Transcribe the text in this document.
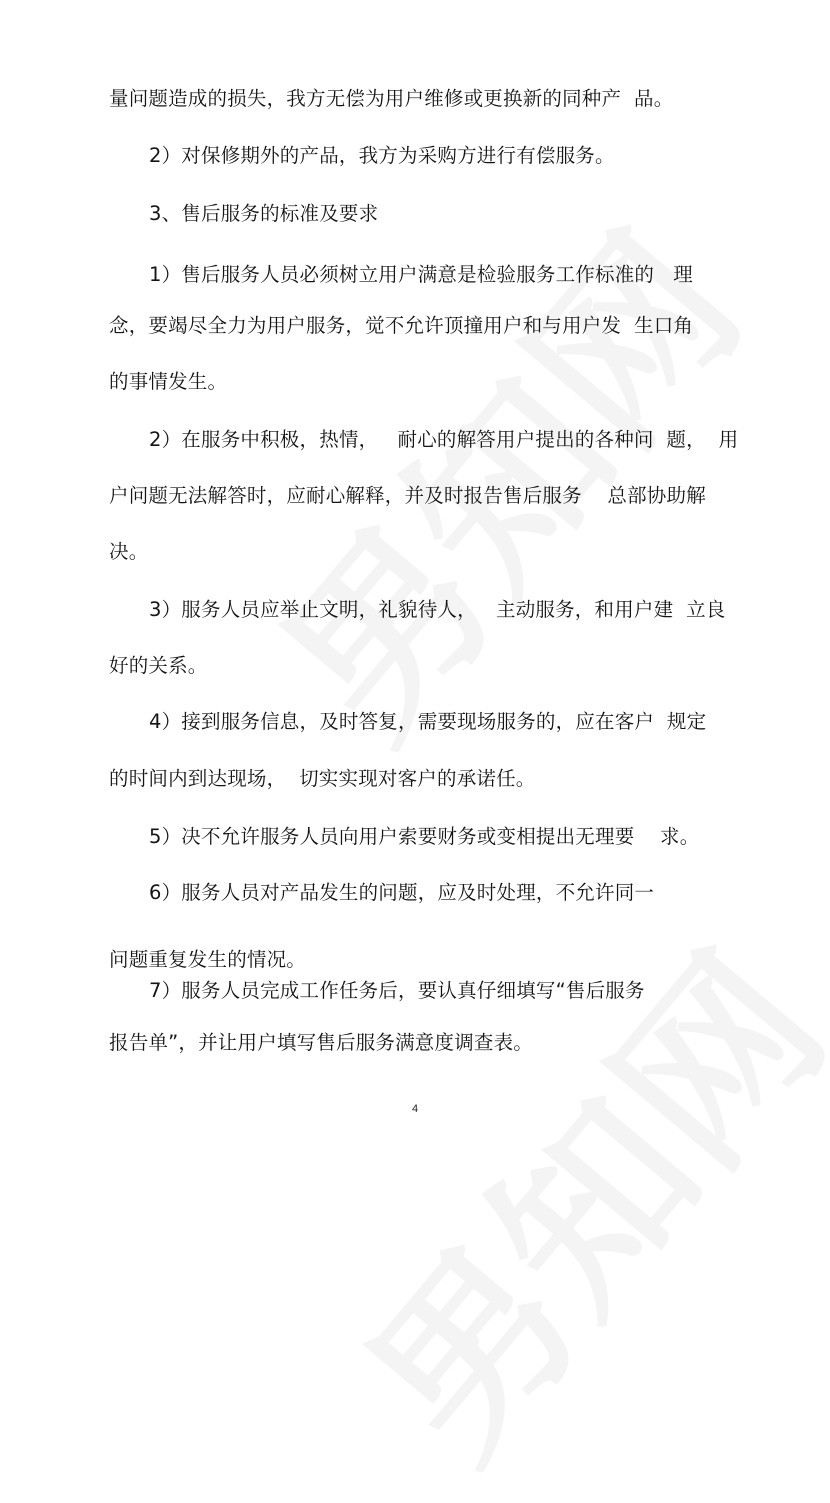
量问题造成的损失，我方无偿为用户维修或更换新的同种产  品。
2）对保修期外的产品，我方为采购方进行有偿服务。
3、售后服务的标准及要求
1）售后服务人员必须树立用户满意是检验服务工作标准的   理
念，要竭尽全力为用户服务，觉不允许顶撞用户和与用户发  生口角
的事情发生。
2）在服务中积极，热情，   耐心的解答用户提出的各种问  题，  用
户问题无法解答时，应耐心解释，并及时报告售后服务    总部协助解
决。
3）服务人员应举止文明，礼貌待人，   主动服务，和用户建  立良
好的关系。
4）接到服务信息，及时答复，需要现场服务的，应在客户  规定
的时间内到达现场，  切实实现对客户的承诺任。
5）决不允许服务人员向用户索要财务或变相提出无理要    求。
6）服务人员对产品发生的问题，应及时处理，不允许同一
问题重复发生的情况。
7）服务人员完成工作任务后，要认真仔细填写“售后服务
报告单”，并让用户填写售后服务满意度调查表。
4
